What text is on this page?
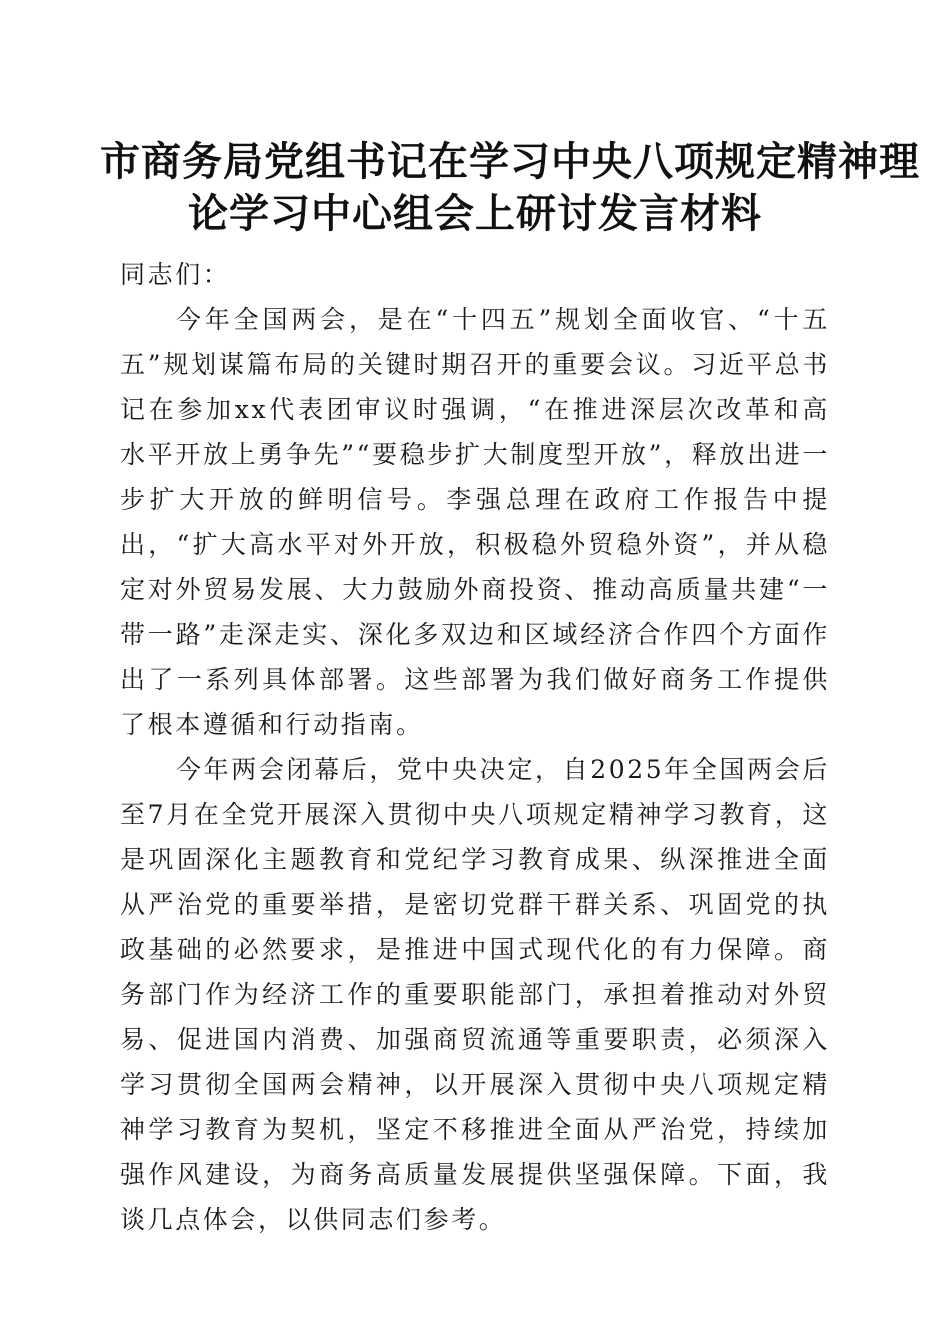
市商务局党组书记在学习中央八项规定精神理
论学习中心组会上研讨发言材料

同志们：

今年全国两会，是在“十四五”规划全面收官、“十五五”规划谋篇布局的关键时期召开的重要会议。习近平总书记在参加xx代表团审议时强调，“在推进深层次改革和高水平开放上勇争先”“要稳步扩大制度型开放”，释放出进一步扩大开放的鲜明信号。李强总理在政府工作报告中提出，“扩大高水平对外开放，积极稳外贸稳外资”，并从稳定对外贸易发展、大力鼓励外商投资、推动高质量共建“一带一路”走深走实、深化多双边和区域经济合作四个方面作出了一系列具体部署。这些部署为我们做好商务工作提供了根本遵循和行动指南。

今年两会闭幕后，党中央决定，自2025年全国两会后至7月在全党开展深入贯彻中央八项规定精神学习教育，这是巩固深化主题教育和党纪学习教育成果、纵深推进全面从严治党的重要举措，是密切党群干群关系、巩固党的执政基础的必然要求，是推进中国式现代化的有力保障。商务部门作为经济工作的重要职能部门，承担着推动对外贸易、促进国内消费、加强商贸流通等重要职责，必须深入学习贯彻全国两会精神，以开展深入贯彻中央八项规定精神学习教育为契机，坚定不移推进全面从严治党，持续加强作风建设，为商务高质量发展提供坚强保障。下面，我谈几点体会，以供同志们参考。
